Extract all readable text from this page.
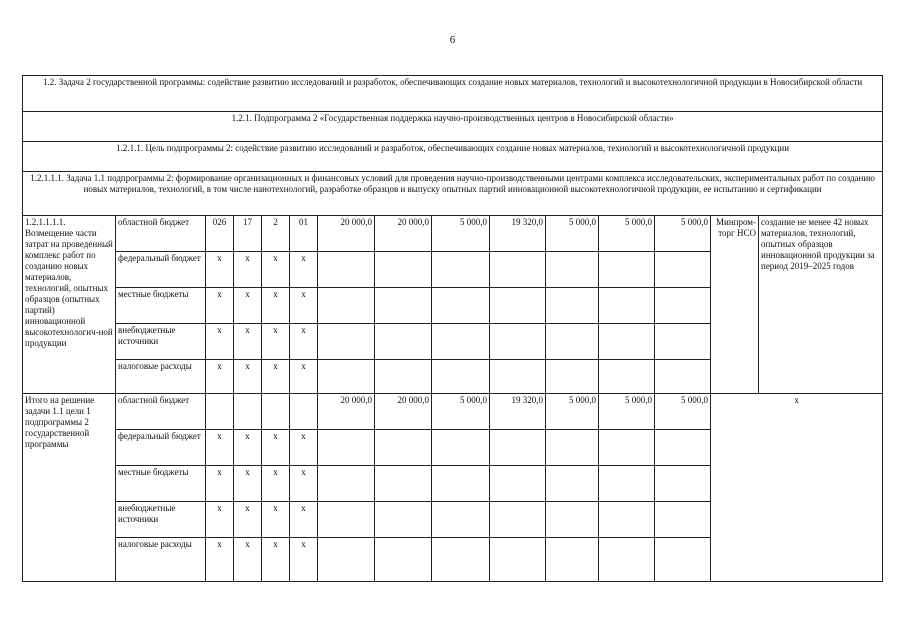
6
1.2. Задача 2 государственной программы: содействие развитию исследований и разработок, обеспечивающих создание новых материалов, технологий и высокотехнологичной продукции в Новосибирской области														
1.2.1. Подпрограмма 2 «Государственная поддержка научно-производственных центров в Новосибирской области»														
1.2.1.1. Цель подпрограммы 2: содействие развитию исследований и разработок, обеспечивающих создание новых материалов, технологий и высокотехнологичной продукции														
1.2.1.1.1. Задача 1.1 подпрограммы 2: формирование организационных и финансовых условий для проведения научно-производственными центрами комплекса исследовательских, экспериментальных работ по созданию новых материалов, технологий, в том числе нанотехнологий, разработке образцов и выпуску опытных партий инновационной высокотехнологичной продукции, ее испытанию и сертификации														
1.2.1.1.1.1. Возмещение части затрат на проведенный комплекс работ по созданию новых материалов, технологий, опытных образцов (опытных партий) инновационной высокотехнологич-ной продукции	областной бюджет	026	17	2	01	20 000,0	20 000,0	5 000,0	19 320,0	5 000,0	5 000,0	5 000,0	Минпром-торг НСО	создание не менее 42 новых материалов, технологий, опытных образцов инновационной продукции за период 2019–2025 годов
	федеральный бюджет	х	х	х	х									
	местные бюджеты	х	х	х	х									
	внебюджетные источники	х	х	х	х									
	налоговые расходы	х	х	х	х									
Итого на решение задачи 1.1 цели 1 подпрограммы 2 государственной программы	областной бюджет					20 000,0	20 000,0	5 000,0	19 320,0	5 000,0	5 000,0	5 000,0	х	
	федеральный бюджет	х	х	х	х									
	местные бюджеты	х	х	х	х									
	внебюджетные источники	х	х	х	х									
	налоговые расходы	х	х	х	х									
